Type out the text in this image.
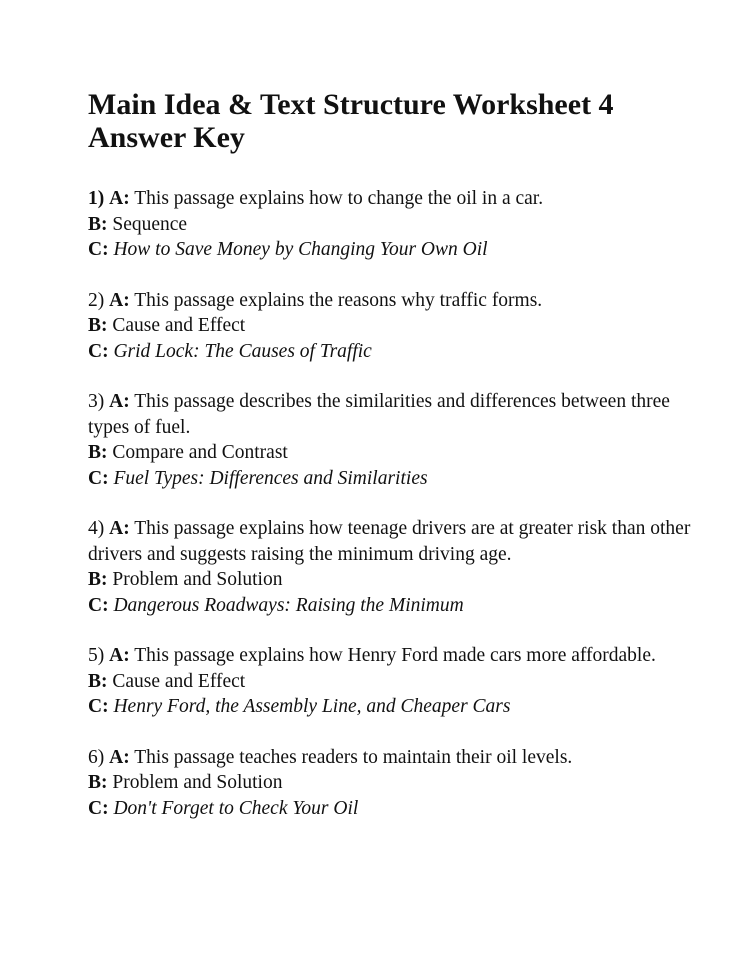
Main Idea & Text Structure Worksheet 4
Answer Key

1) A: This passage explains how to change the oil in a car.

B: Sequence

C: How to Save Money by Changing Your Own Oil

2) A: This passage explains the reasons why traffic forms.

B: Cause and Effect

C: Grid Lock: The Causes of Traffic

3) A: This passage describes the similarities and differences between three types of fuel.

B: Compare and Contrast

C: Fuel Types: Differences and Similarities

4) A: This passage explains how teenage drivers are at greater risk than other drivers and suggests raising the minimum driving age.

B: Problem and Solution

C: Dangerous Roadways: Raising the Minimum

5) A: This passage explains how Henry Ford made cars more affordable.

B: Cause and Effect

C: Henry Ford, the Assembly Line, and Cheaper Cars

6) A: This passage teaches readers to maintain their oil levels.

B: Problem and Solution

C: Don't Forget to Check Your Oil
